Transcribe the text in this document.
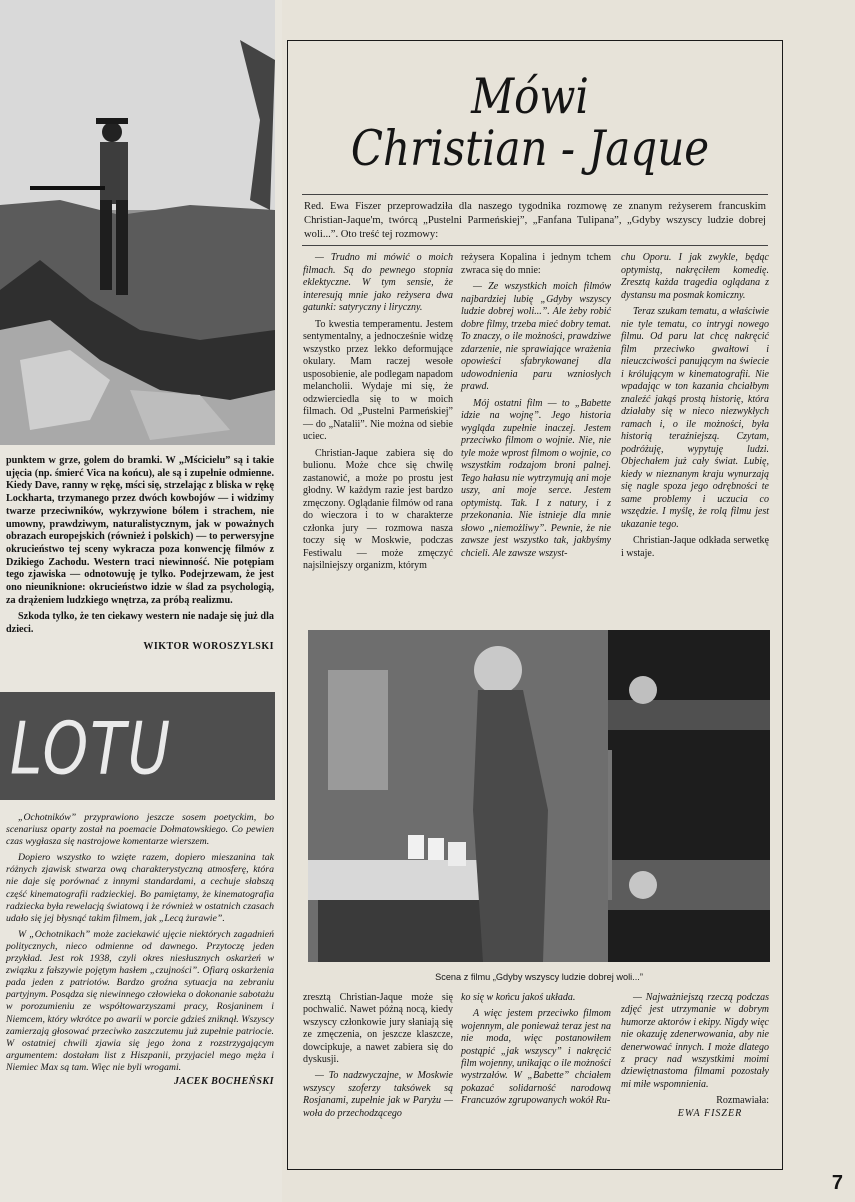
punktem w grze, golem do bramki. W „Mścicielu” są i takie ujęcia (np. śmierć Vica na końcu), ale są i zupełnie odmienne. Kiedy Dave, ranny w rękę, mści się, strzelając z bliska w rękę Lockharta, trzymanego przez dwóch kowbojów — i widzimy twarze przeciwników, wykrzywione bólem i strachem, nie umowny, prawdziwym, naturalistycznym, jak w poważnych obrazach europejskich (również i polskich) — to perwersyjne okrucieństwo tej sceny wykracza poza konwencję filmów z Dzikiego Zachodu. Western traci niewinność. Nie potępiam tego zjawiska — odnotowuję je tylko. Podejrzewam, że jest ono nieuniknione: okrucieństwo idzie w ślad za psychologią, za drążeniem ludzkiego wnętrza, za próbą realizmu.

Szkoda tylko, że ten ciekawy western nie nadaje się już dla dzieci.

WIKTOR WOROSZYLSKI
LOTU

„Ochotników” przyprawiono jeszcze sosem poetyckim, bo scenariusz oparty został na poemacie Dołmatowskiego. Co pewien czas wygłasza się nastrojowe komentarze wierszem.

Dopiero wszystko to wzięte razem, dopiero mieszanina tak różnych zjawisk stwarza ową charakterystyczną atmosferę, która nie daje się porównać z innymi standardami, a cechuje słabszą część kinematografii radzieckiej. Bo pamiętamy, że kinematografia radziecka była rewelacją światową i że również w ostatnich czasach udało się jej błysnąć takim filmem, jak „Lecą żurawie”.

W „Ochotnikach” może zaciekawić ujęcie niektórych zagadnień politycznych, nieco odmienne od dawnego. Przytoczę jeden przykład. Jest rok 1938, czyli okres niesłusznych oskarżeń w związku z fałszywie pojętym hasłem „czujności”. Ofiarą oskarżenia pada jeden z patriotów. Bardzo groźna sytuacja na zebraniu partyjnym. Posądza się niewinnego człowieka o dokonanie sabotażu w porozumieniu ze współtowarzyszami pracy, Rosjaninem i Niemcem, który wkrótce po awarii w porcie gdzieś zniknął. Wszyscy zamierzają głosować przeciwko zaszczutemu już zupełnie patriocie. W ostatniej chwili zjawia się jego żona z rozstrzygającym argumentem: dostałam list z Hiszpanii, przyjaciel mego męża i Niemiec Max są tam. Więc nie byli wrogami.

JACEK BOCHEŃSKI
Mówi
Christian - Jaque
Red. Ewa Fiszer przeprowadziła dla naszego tygodnika rozmowę ze znanym reżyserem francuskim Christian-Jaque'm, twórcą „Pustelni Parmeńskiej”, „Fanfana Tulipana”, „Gdyby wszyscy ludzie dobrej woli...”. Oto treść tej rozmowy:

— Trudno mi mówić o moich filmach. Są do pewnego stopnia eklektyczne. W tym sensie, że interesują mnie jako reżysera dwa gatunki: satyryczny i liryczny.

To kwestia temperamentu. Jestem sentymentalny, a jednocześnie widzę wszystko przez lekko deformujące okulary. Mam raczej wesołe usposobienie, ale podlegam napadom melancholii. Wydaje mi się, że odzwierciedla się to w moich filmach. Od „Pustelni Parmeńskiej” — do „Natalii”. Nie można od siebie uciec.

Christian-Jaque zabiera się do bulionu. Może chce się chwilę zastanowić, a może po prostu jest głodny. W każdym razie jest bardzo zmęczony. Oglądanie filmów od rana do wieczora i to w charakterze członka jury — rozmowa nasza toczy się w Moskwie, podczas Festiwalu — może zmęczyć najsilniejszy organizm, którym

reżysera Kopalina i jednym tchem zwraca się do mnie:

— Ze wszystkich moich filmów najbardziej lubię „Gdyby wszyscy ludzie dobrej woli...”. Ale żeby robić dobre filmy, trzeba mieć dobry temat. To znaczy, o ile możności, prawdziwe zdarzenie, nie sprawiające wrażenia opowieści sfabrykowanej dla udowodnienia paru wzniosłych prawd.

Mój ostatni film — to „Babette idzie na wojnę”. Jego historia wygląda zupełnie inaczej. Jestem przeciwko filmom o wojnie. Nie, nie tyle może wprost filmom o wojnie, co wszystkim rodzajom broni palnej. Tego hałasu nie wytrzymują ani moje uszy, ani moje serce. Jestem optymistą. Tak. I z natury, i z przekonania. Nie istnieje dla mnie słowo „niemożliwy”. Pewnie, że nie zawsze jest wszystko tak, jakbyśmy chcieli. Ale zawsze wszyst-

chu Oporu. I jak zwykle, będąc optymistą, nakręciłem komedię. Zresztą każda tragedia oglądana z dystansu ma posmak komiczny.

Teraz szukam tematu, a właściwie nie tyle tematu, co intrygi nowego filmu. Od paru lat chcę nakręcić film przeciwko gwałtowi i nieuczciwości panującym na świecie i królującym w kinematografii. Nie wpadając w ton kazania chciałbym znaleźć jakąś prostą historię, która działaby się w nieco niezwykłych ramach i, o ile możności, była historią teraźniejszą. Czytam, podróżuję, wypytuję ludzi. Objechałem już cały świat. Lubię, kiedy w nieznanym kraju wynurzają się nagle spoza jego odrębności te same problemy i uczucia co wszędzie. I myślę, że rolą filmu jest ukazanie tego.

Christian-Jaque odkłada serwetkę i wstaje.

Scena z filmu „Gdyby wszyscy ludzie dobrej woli...”

zresztą Christian-Jaque może się pochwalić. Nawet późną nocą, kiedy wszyscy członkowie jury słaniają się ze zmęczenia, on jeszcze klaszcze, dowcipkuje, a nawet zabiera się do dyskusji.

— To nadzwyczajne, w Moskwie wszyscy szoferzy taksówek są Rosjanami, zupełnie jak w Paryżu — woła do przechodzącego

ko się w końcu jakoś układa.

A więc jestem przeciwko filmom wojennym, ale ponieważ teraz jest na nie moda, więc postanowiłem postąpić „jak wszyscy” i nakręcić film wojenny, unikając o ile możności wystrzałów. W „Babette” chciałem pokazać solidarność narodową Francuzów zgrupowanych wokół Ru-

— Najważniejszą rzeczą podczas zdjęć jest utrzymanie w dobrym humorze aktorów i ekipy. Nigdy więc nie okazuję zdenerwowania, aby nie denerwować innych. I może dlatego z pracy nad wszystkimi moimi dziewiętnastoma filmami pozostały mi miłe wspomnienia.

Rozmawiała:
EWA FISZER
7
